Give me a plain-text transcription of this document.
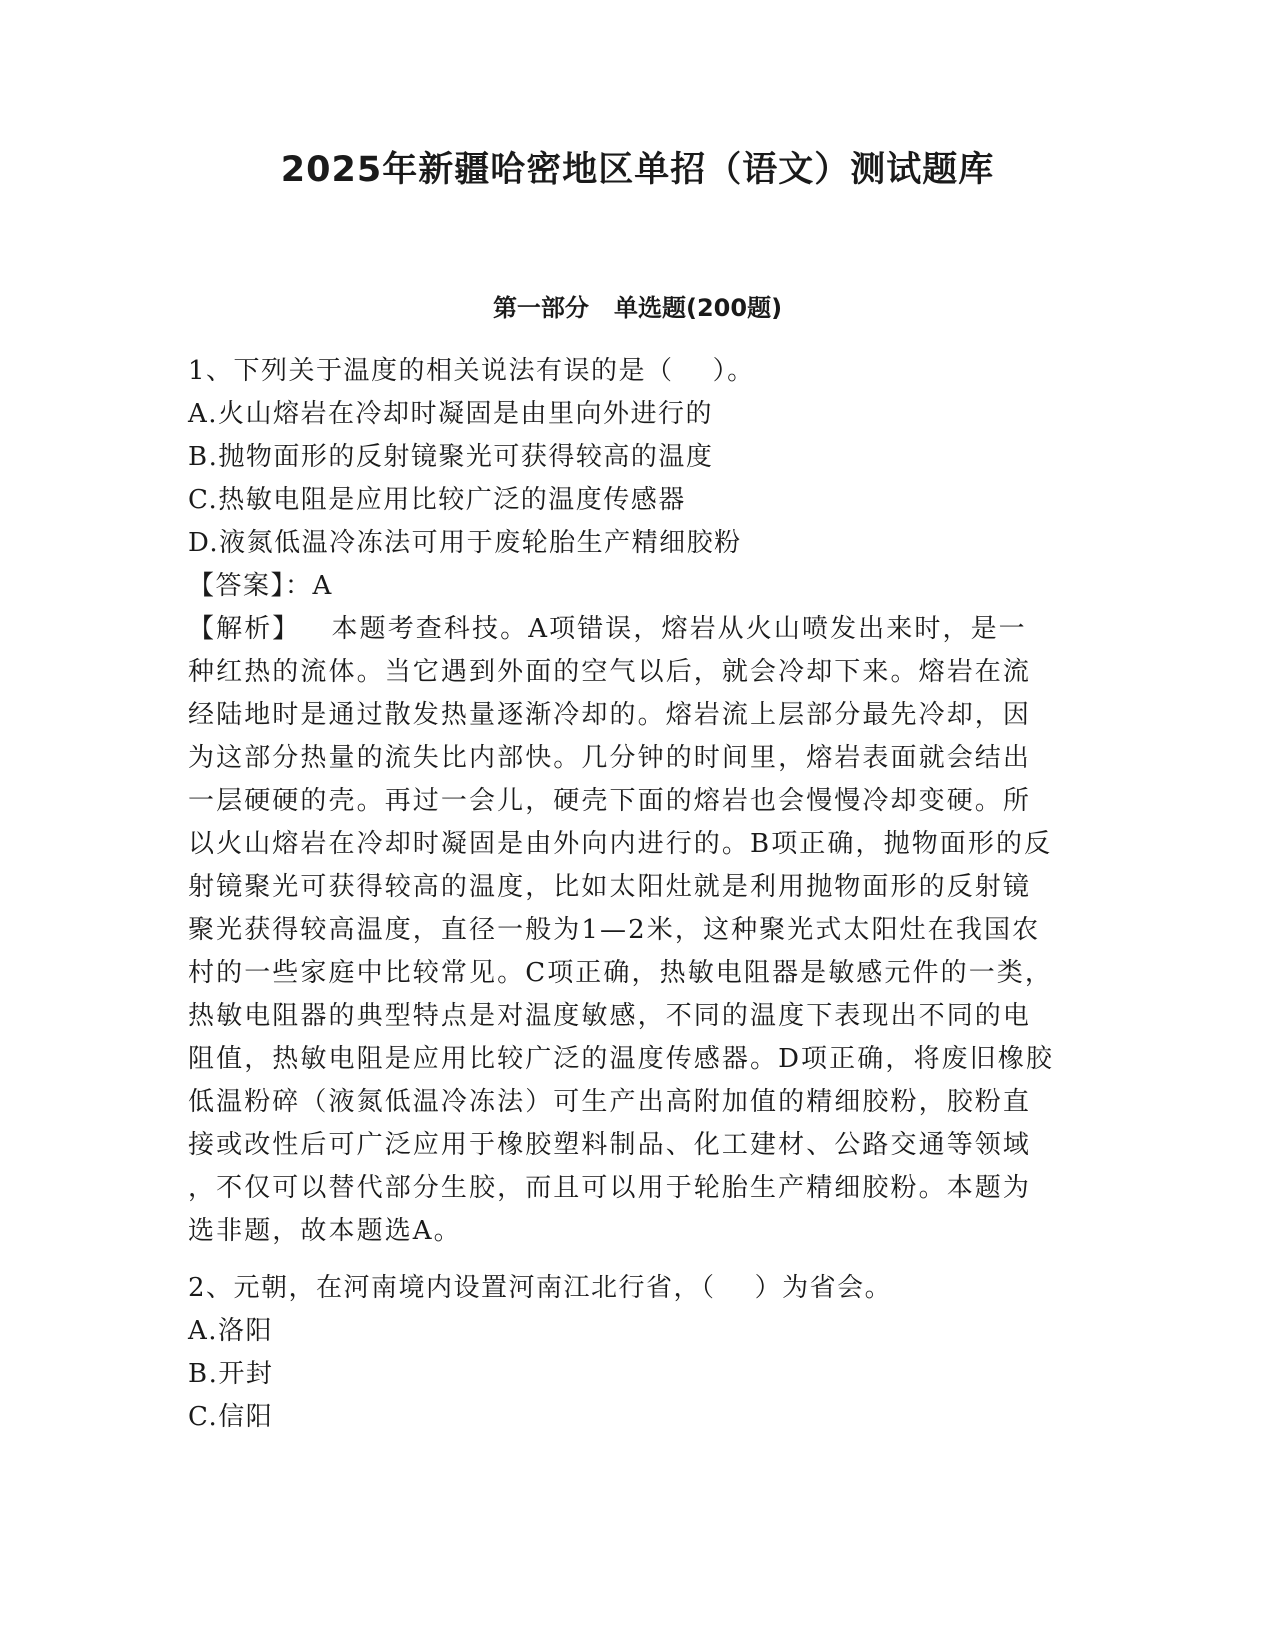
2025年新疆哈密地区单招（语文）测试题库
第一部分   单选题(200题)
1、下列关于温度的相关说法有误的是（    ）。
A.火山熔岩在冷却时凝固是由里向外进行的
B.抛物面形的反射镜聚光可获得较高的温度
C.热敏电阻是应用比较广泛的温度传感器
D.液氮低温冷冻法可用于废轮胎生产精细胶粉
【答案】：A
【解析】   本题考查科技。A项错误，熔岩从火山喷发出来时，是一
种红热的流体。当它遇到外面的空气以后，就会冷却下来。熔岩在流
经陆地时是通过散发热量逐渐冷却的。熔岩流上层部分最先冷却，因
为这部分热量的流失比内部快。几分钟的时间里，熔岩表面就会结出
一层硬硬的壳。再过一会儿，硬壳下面的熔岩也会慢慢冷却变硬。所
以火山熔岩在冷却时凝固是由外向内进行的。B项正确，抛物面形的反
射镜聚光可获得较高的温度，比如太阳灶就是利用抛物面形的反射镜
聚光获得较高温度，直径一般为1—2米，这种聚光式太阳灶在我国农
村的一些家庭中比较常见。C项正确，热敏电阻器是敏感元件的一类，
热敏电阻器的典型特点是对温度敏感，不同的温度下表现出不同的电
阻值，热敏电阻是应用比较广泛的温度传感器。D项正确，将废旧橡胶
低温粉碎（液氮低温冷冻法）可生产出高附加值的精细胶粉，胶粉直
接或改性后可广泛应用于橡胶塑料制品、化工建材、公路交通等领域
，不仅可以替代部分生胶，而且可以用于轮胎生产精细胶粉。本题为
选非题，故本题选A。
2、元朝，在河南境内设置河南江北行省，（    ）为省会。
A.洛阳
B.开封
C.信阳
